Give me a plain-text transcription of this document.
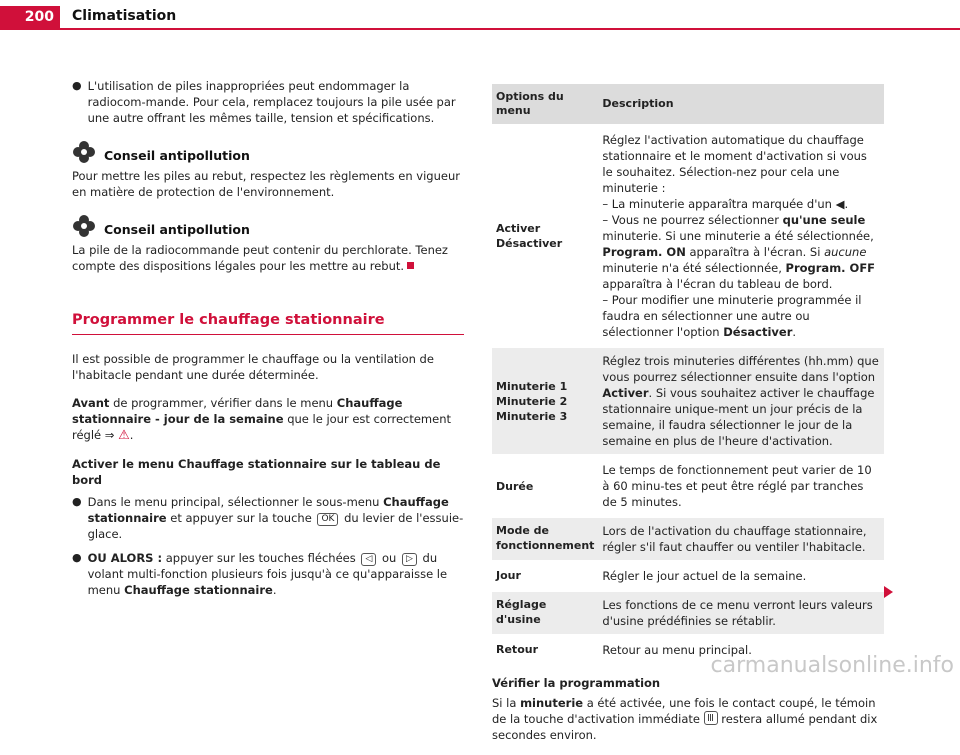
200	Climatisation
● L'utilisation de piles inappropriées peut endommager la radiocom-mande. Pour cela, remplacez toujours la pile usée par une autre offrant les mêmes taille, tension et spécifications.
Conseil antipollution

Pour mettre les piles au rebut, respectez les règlements en vigueur en matière de protection de l'environnement.

Conseil antipollution

La pile de la radiocommande peut contenir du perchlorate. Tenez compte des dispositions légales pour les mettre au rebut.

Programmer le chauffage stationnaire

Il est possible de programmer le chauffage ou la ventilation de l'habitacle pendant une durée déterminée.

Avant de programmer, vérifier dans le menu Chauffage stationnaire - jour de la semaine que le jour est correctement réglé ⇒ ⚠.

Activer le menu Chauffage stationnaire sur le tableau de bord

● Dans le menu principal, sélectionner le sous-menu Chauffage stationnaire et appuyer sur la touche OK du levier de l'essuie-glace.
● OU ALORS : appuyer sur les touches fléchées ◁ ou ▷ du volant multi-fonction plusieurs fois jusqu'à ce qu'apparaisse le menu Chauffage stationnaire.
Options du menu	Description
Activer Désactiver	Réglez l'activation automatique du chauffage stationnaire et le moment d'activation si vous le souhaitez. Sélection-nez pour cela une minuterie :
– La minuterie apparaîtra marquée d'un ◀.
– Vous ne pourrez sélectionner qu'une seule minuterie. Si une minuterie a été sélectionnée, Program. ON apparaîtra à l'écran. Si aucune minuterie n'a été sélectionnée, Program. OFF apparaîtra à l'écran du tableau de bord.
– Pour modifier une minuterie programmée il faudra en sélectionner une autre ou sélectionner l'option Désactiver.

Minuterie 1 Minuterie 2 Minuterie 3	Réglez trois minuteries différentes (hh.mm) que vous pourrez sélectionner ensuite dans l'option Activer. Si vous souhaitez activer le chauffage stationnaire unique-ment un jour précis de la semaine, il faudra sélectionner le jour de la semaine en plus de l'heure d'activation.
Durée	Le temps de fonctionnement peut varier de 10 à 60 minu-tes et peut être réglé par tranches de 5 minutes.
Mode de fonctionnement	Lors de l'activation du chauffage stationnaire, régler s'il faut chauffer ou ventiler l'habitacle.
Jour	Régler le jour actuel de la semaine.
Réglage d'usine	Les fonctions de ce menu verront leurs valeurs d'usine prédéfinies se rétablir.
Retour	Retour au menu principal.
Vérifier la programmation

Si la minuterie a été activée, une fois le contact coupé, le témoin de la touche d'activation immédiate  restera allumé pendant dix secondes environ.

carmanualsonline.info
